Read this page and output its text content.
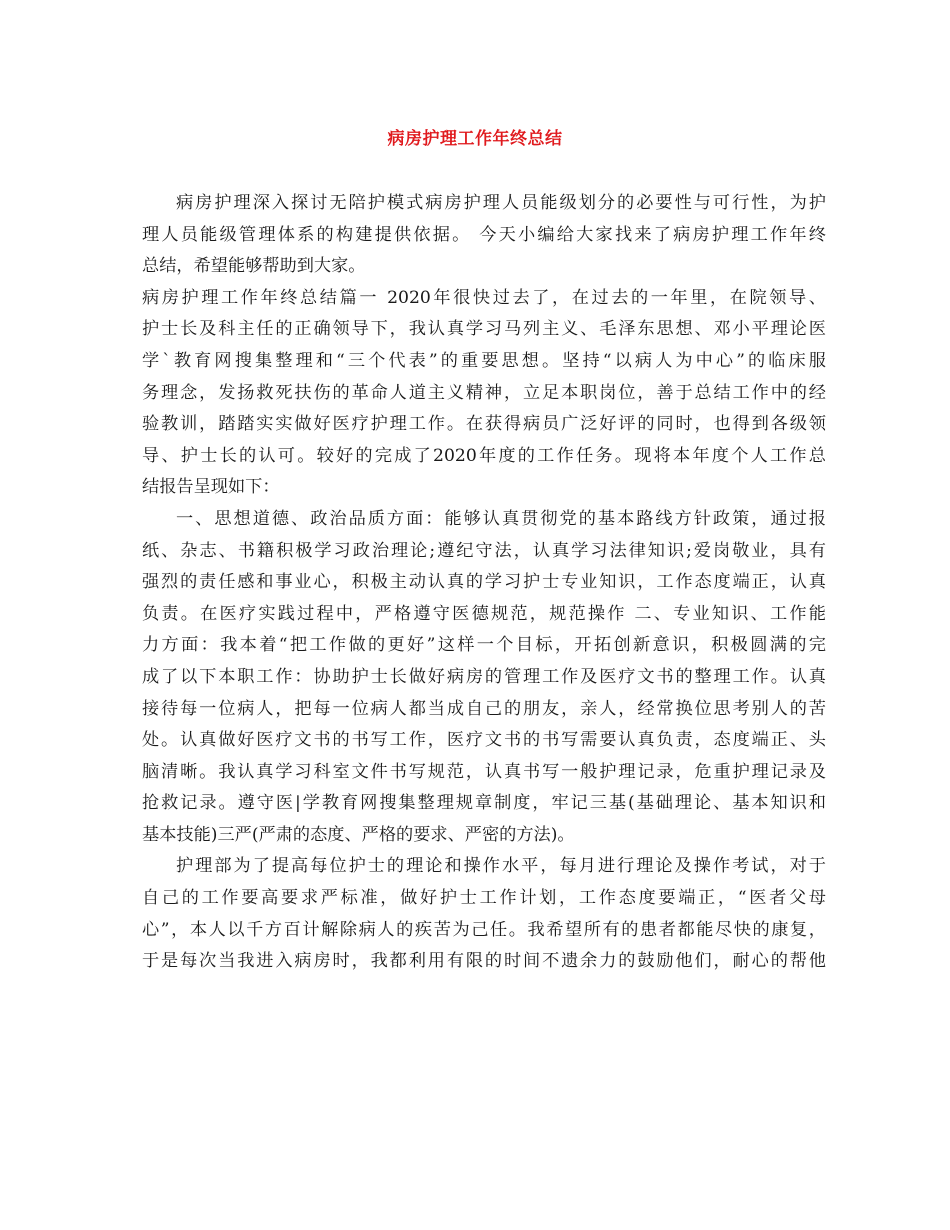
病房护理工作年终总结
病房护理深入探讨无陪护模式病房护理人员能级划分的必要性与可行性，为护
理人员能级管理体系的构建提供依据。 今天小编给大家找来了病房护理工作年终
总结，希望能够帮助到大家。
病房护理工作年终总结篇一 2020年很快过去了，在过去的一年里，在院领导、
护士长及科主任的正确领导下，我认真学习马列主义、毛泽东思想、邓小平理论医
学`教育网搜集整理和“三个代表”的重要思想。坚持“以病人为中心”的临床服
务理念，发扬救死扶伤的革命人道主义精神，立足本职岗位，善于总结工作中的经
验教训，踏踏实实做好医疗护理工作。在获得病员广泛好评的同时，也得到各级领
导、护士长的认可。较好的完成了2020年度的工作任务。现将本年度个人工作总
结报告呈现如下：
一、思想道德、政治品质方面：能够认真贯彻党的基本路线方针政策，通过报
纸、杂志、书籍积极学习政治理论;遵纪守法，认真学习法律知识;爱岗敬业，具有
强烈的责任感和事业心，积极主动认真的学习护士专业知识，工作态度端正，认真
负责。在医疗实践过程中，严格遵守医德规范，规范操作 二、专业知识、工作能
力方面：我本着“把工作做的更好”这样一个目标，开拓创新意识，积极圆满的完
成了以下本职工作：协助护士长做好病房的管理工作及医疗文书的整理工作。认真
接待每一位病人，把每一位病人都当成自己的朋友，亲人，经常换位思考别人的苦
处。认真做好医疗文书的书写工作，医疗文书的书写需要认真负责，态度端正、头
脑清晰。我认真学习科室文件书写规范，认真书写一般护理记录，危重护理记录及
抢救记录。遵守医|学教育网搜集整理规章制度，牢记三基(基础理论、基本知识和
基本技能)三严(严肃的态度、严格的要求、严密的方法)。
护理部为了提高每位护士的理论和操作水平，每月进行理论及操作考试，对于
自己的工作要高要求严标准，做好护士工作计划，工作态度要端正，“医者父母
心”，本人以千方百计解除病人的疾苦为己任。我希望所有的患者都能尽快的康复，
于是每次当我进入病房时，我都利用有限的时间不遗余力的鼓励他们，耐心的帮他
